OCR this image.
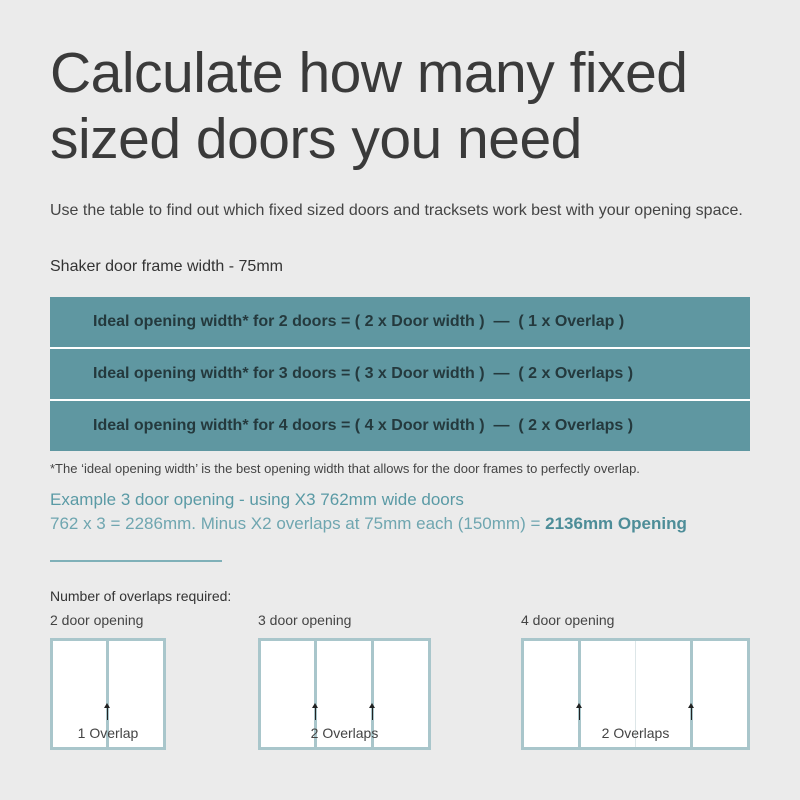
Calculate how many fixed
sized doors you need
Use the table to find out which fixed sized doors and tracksets work best with your opening space.
Shaker door frame width - 75mm
Ideal opening width* for 2 doors = ( 2 x Door width )  —  ( 1 x Overlap )
Ideal opening width* for 3 doors = ( 3 x Door width )  —  ( 2 x Overlaps )
Ideal opening width* for 4 doors = ( 4 x Door width )  —  ( 2 x Overlaps )
*The ‘ideal opening width’ is the best opening width that allows for the door frames to perfectly overlap.
Example 3 door opening - using X3 762mm wide doors
762 x 3 = 2286mm. Minus X2 overlaps at 75mm each (150mm) = 2136mm Opening
Number of overlaps required:
2 door opening
1 Overlap
3 door opening
2 Overlaps
4 door opening
2 Overlaps
